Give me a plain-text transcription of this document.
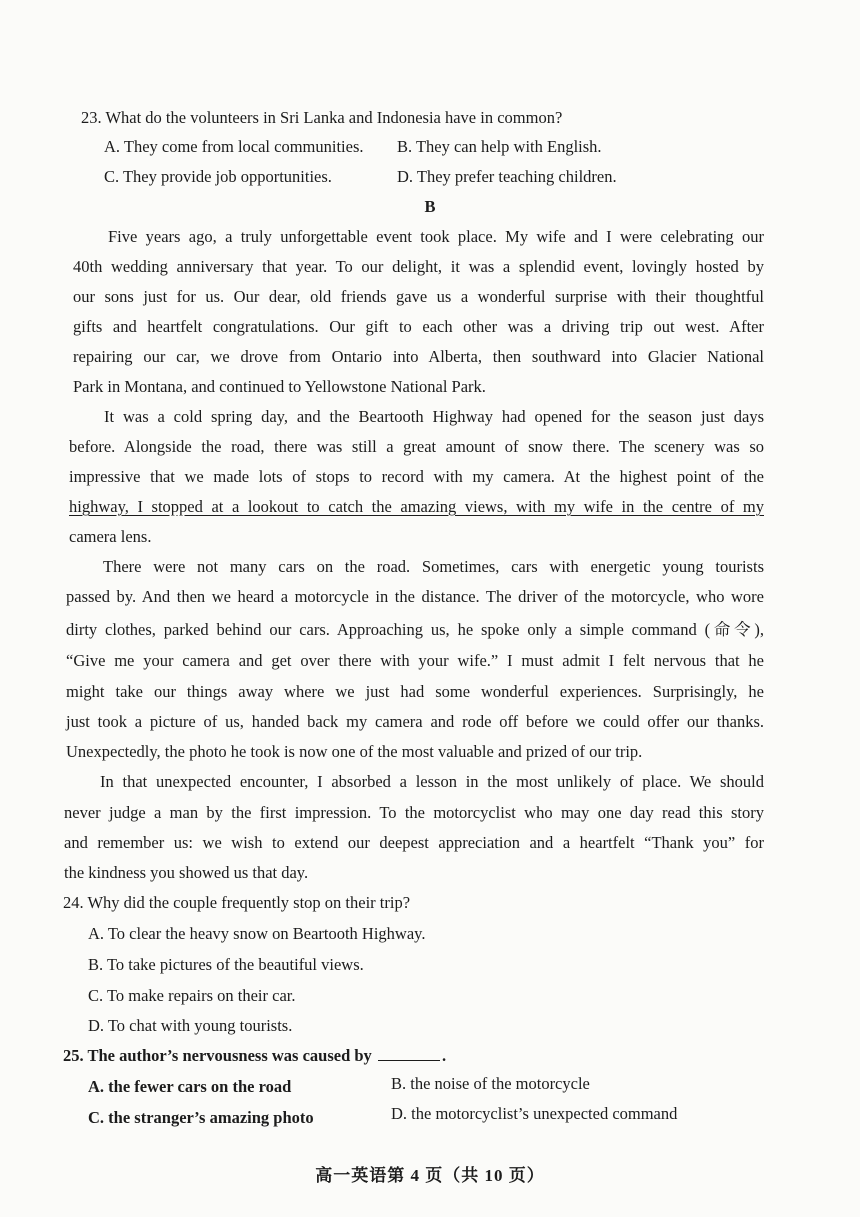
23. What do the volunteers in Sri Lanka and Indonesia have in common?
A. They come from local communities. B. They can help with English.
C. They provide job opportunities.	D. They prefer teaching children.
B
Five years ago, a truly unforgettable event took place. My wife and I were celebrating our
40th wedding anniversary that year. To our delight, it was a splendid event, lovingly hosted by
our sons just for us. Our dear, old friends gave us a wonderful surprise with their thoughtful
gifts and heartfelt congratulations. Our gift to each other was a driving trip out west. After
repairing our car, we drove from Ontario into Alberta, then southward into Glacier National
Park in Montana, and continued to Yellowstone National Park.
It was a cold spring day, and the Beartooth Highway had opened for the season just days
before. Alongside the road, there was still a great amount of snow there. The scenery was so
impressive that we made lots of stops to record with my camera. At the highest point of the
highway, I stopped at a lookout to catch the amazing views, with my wife in the centre of my
camera lens.
There were not many cars on the road. Sometimes, cars with energetic young tourists
passed by. And then we heard a motorcycle in the distance. The driver of the motorcycle, who wore
dirty clothes, parked behind our cars. Approaching us, he spoke only a simple command (命令),
“Give me your camera and get over there with your wife.” I must admit I felt nervous that he
might take our things away where we just had some wonderful experiences. Surprisingly, he
just took a picture of us, handed back my camera and rode off before we could offer our thanks.
Unexpectedly, the photo he took is now one of the most valuable and prized of our trip.
In that unexpected encounter, I absorbed a lesson in the most unlikely of place. We should
never judge a man by the first impression. To the motorcyclist who may one day read this story
and remember us: we wish to extend our deepest appreciation and a heartfelt “Thank you” for
the kindness you showed us that day.
24. Why did the couple frequently stop on their trip?
A. To clear the heavy snow on Beartooth Highway.
B. To take pictures of the beautiful views.
C. To make repairs on their car.
D. To chat with young tourists.
25. The author’s nervousness was caused by	.
A. the fewer cars on the road	B. the noise of the motorcycle
C. the stranger’s amazing photo	D. the motorcyclist’s unexpected command
高一英语第 4 页（共 10 页）
